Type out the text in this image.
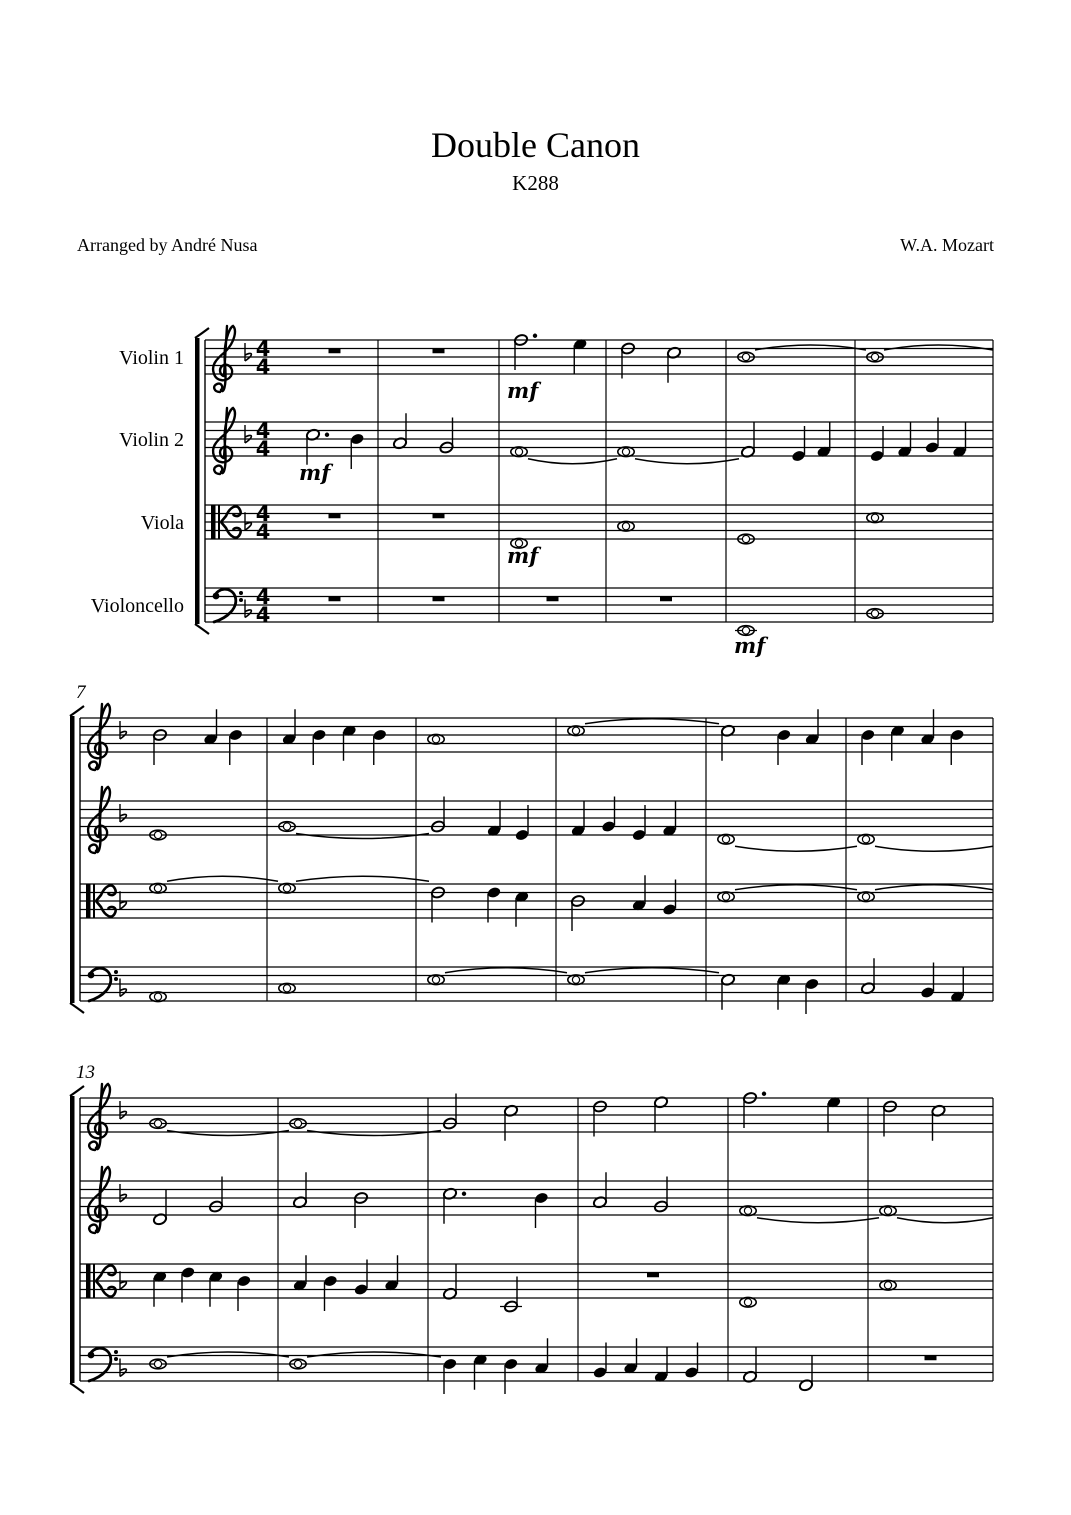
Double Canon
K288
Arranged by André Nusa	W.A. Mozart
Violin 1
Violin 2
Viola
Violoncello
4
4
4
4
4
4
4
4
7
13
mf
mf
mf
mf
